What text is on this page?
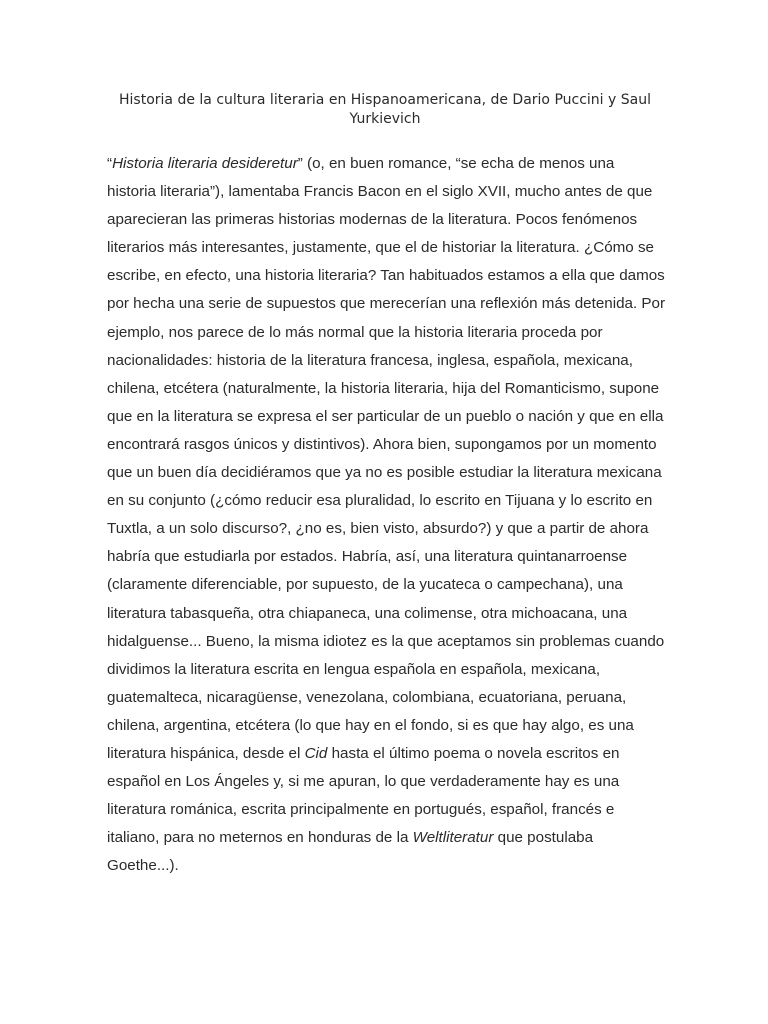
Historia de la cultura literaria en Hispanoamericana, de Dario Puccini y Saul Yurkievich
“Historia literaria desideretur” (o, en buen romance, “se echa de menos una
historia literaria”), lamentaba Francis Bacon en el siglo XVII, mucho antes de que
aparecieran las primeras historias modernas de la literatura. Pocos fenómenos
literarios más interesantes, justamente, que el de historiar la literatura. ¿Cómo se
escribe, en efecto, una historia literaria? Tan habituados estamos a ella que damos
por hecha una serie de supuestos que merecerían una reflexión más detenida. Por
ejemplo, nos parece de lo más normal que la historia literaria proceda por
nacionalidades: historia de la literatura francesa, inglesa, española, mexicana,
chilena, etcétera (naturalmente, la historia literaria, hija del Romanticismo, supone
que en la literatura se expresa el ser particular de un pueblo o nación y que en ella
encontrará rasgos únicos y distintivos). Ahora bien, supongamos por un momento
que un buen día decidiéramos que ya no es posible estudiar la literatura mexicana
en su conjunto (¿cómo reducir esa pluralidad, lo escrito en Tijuana y lo escrito en
Tuxtla, a un solo discurso?, ¿no es, bien visto, absurdo?) y que a partir de ahora
habría que estudiarla por estados. Habría, así, una literatura quintanarroense
(claramente diferenciable, por supuesto, de la yucateca o campechana), una
literatura tabasqueña, otra chiapaneca, una colimense, otra michoacana, una
hidalguense... Bueno, la misma idiotez es la que aceptamos sin problemas cuando
dividimos la literatura escrita en lengua española en española, mexicana,
guatemalteca, nicaragüense, venezolana, colombiana, ecuatoriana, peruana,
chilena, argentina, etcétera (lo que hay en el fondo, si es que hay algo, es una
literatura hispánica, desde el Cid hasta el último poema o novela escritos en
español en Los Ángeles y, si me apuran, lo que verdaderamente hay es una
literatura románica, escrita principalmente en portugués, español, francés e
italiano, para no meternos en honduras de la Weltliteratur que postulaba
Goethe...).
